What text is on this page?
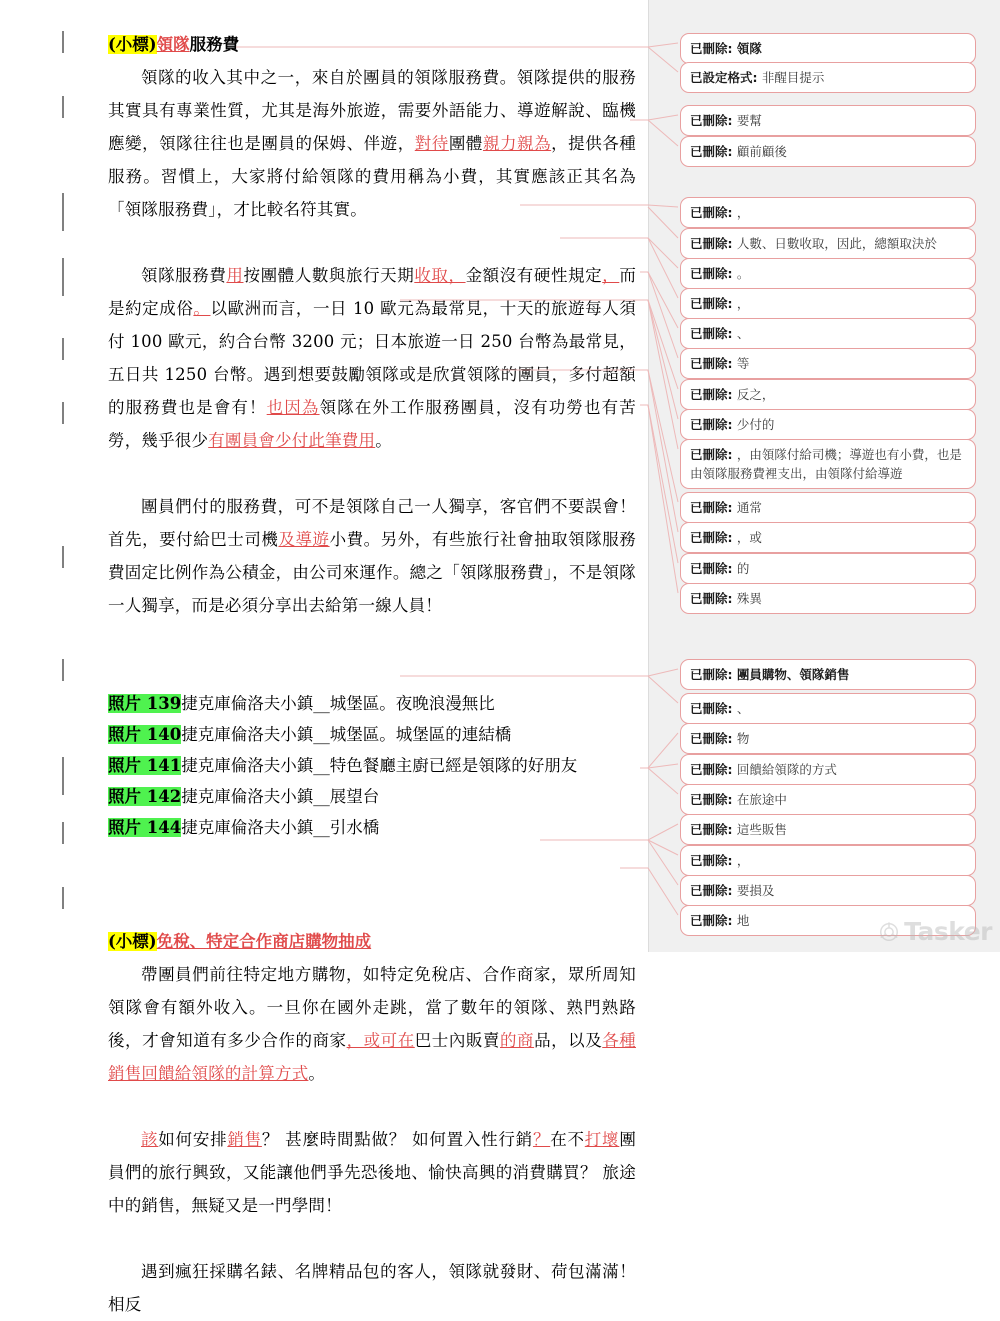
(小標)領隊服務費

領隊的收入其中之一，來自於團員的領隊服務費。領隊提供的服務其實具有專業性質，尤其是海外旅遊，需要外語能力、導遊解說、臨機應變，領隊往往也是團員的保姆、伴遊，對待團體親力親為，提供各種服務。習慣上，大家將付給領隊的費用稱為小費，其實應該正其名為「領隊服務費」，才比較名符其實。

領隊服務費用按團體人數與旅行天期收取，金額沒有硬性規定，而是約定成俗。以歐洲而言，一日 10 歐元為最常見，十天的旅遊每人須付 100 歐元，約合台幣 3200 元；日本旅遊一日 250 台幣為最常見，五日共 1250 台幣。遇到想要鼓勵領隊或是欣賞領隊的團員，多付超額的服務費也是會有！也因為領隊在外工作服務團員，沒有功勞也有苦勞，幾乎很少有團員會少付此筆費用。

團員們付的服務費，可不是領隊自己一人獨享，客官們不要誤會！首先，要付給巴士司機及導遊小費。另外，有些旅行社會抽取領隊服務費固定比例作為公積金，由公司來運作。總之「領隊服務費」，不是領隊一人獨享，而是必須分享出去給第一線人員！

照片 139捷克庫倫洛夫小鎮__城堡區。夜晚浪漫無比

照片 140捷克庫倫洛夫小鎮__城堡區。城堡區的連結橋

照片 141捷克庫倫洛夫小鎮__特色餐廳主廚已經是領隊的好朋友

照片 142捷克庫倫洛夫小鎮__展望台

照片 144捷克庫倫洛夫小鎮__引水橋

(小標)免稅、特定合作商店購物抽成

帶團員們前往特定地方購物，如特定免稅店、合作商家，眾所周知領隊會有額外收入。一旦你在國外走跳，當了數年的領隊、熟門熟路後，才會知道有多少合作的商家，或可在巴士內販賣的商品，以及各種銷售回饋給領隊的計算方式。

該如何安排銷售？ 甚麼時間點做？ 如何置入性行銷？在不打壞團員們的旅行興致，又能讓他們爭先恐後地、愉快高興的消費購買？ 旅途中的銷售，無疑又是一門學問！

遇到瘋狂採購名錶、名牌精品包的客人，領隊就發財、荷包滿滿！相反

已刪除: 領隊
已設定格式: 非醒目提示
已刪除: 要幫
已刪除: 顧前顧後
已刪除: ，
已刪除: 人數、日數收取，因此，總額取決於
已刪除: 。
已刪除: ，
已刪除: 、
已刪除: 等
已刪除: 反之，
已刪除: 少付的
已刪除: ，由領隊付給司機；導遊也有小費，也是由領隊服務費裡支出，由領隊付給導遊
已刪除: 通常
已刪除: ，或
已刪除: 的
已刪除: 殊異
已刪除: 團員購物、領隊銷售
已刪除: 、
已刪除: 物
已刪除: 回饋給領隊的方式
已刪除: 在旅途中
已刪除: 這些販售
已刪除: ，
已刪除: 要損及
已刪除: 地	Tasker
